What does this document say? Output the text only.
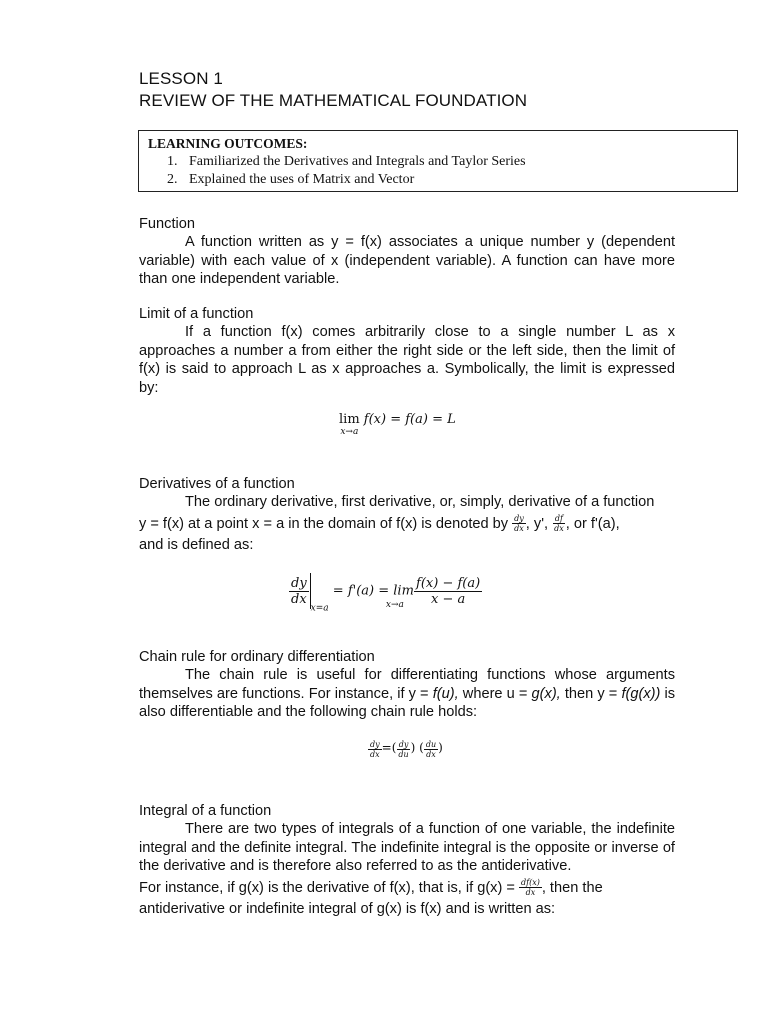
LESSON 1
REVIEW OF THE MATHEMATICAL FOUNDATION
LEARNING OUTCOMES:
1. Familiarized the Derivatives and Integrals and Taylor Series
2. Explained the uses of Matrix and Vector
Function
A function written as y = f(x) associates a unique number y (dependent variable) with each value of x (independent variable). A function can have more than one independent variable.
Limit of a function
If a function f(x) comes arbitrarily close to a single number L as x approaches a number a from either the right side or the left side, then the limit of f(x) is said to approach L as x approaches a. Symbolically, the limit is expressed by:
lim
x→a
f(x) = f(a) = L
Derivatives of a function
The ordinary derivative, first derivative, or, simply, derivative of a function
y = f(x) at a point x = a in the domain of f(x) is denoted by $\frac{dy}{dx}$ , y', $\frac{df}{dx}$ , or f'(a),
and is defined as:
$\frac{dy}{dx}$
$_{x=a} = f'(a) = \lim_{x\to a} \frac{f(x) - f(a)}{x - a}$
Chain rule for ordinary differentiation
The chain rule is useful for differentiating functions whose arguments themselves are functions. For instance, if y = f(u), where u = g(x), then y = f(g(x)) is also differentiable and the following chain rule holds:
$\frac{dy}{dx}$ =( $\frac{dy}{du}$ ) ( $\frac{du}{dx}$ )
Integral of a function
There are two types of integrals of a function of one variable, the indefinite integral and the definite integral. The indefinite integral is the opposite or inverse of the derivative and is therefore also referred to as the antiderivative.
For instance, if g(x) is the derivative of f(x), that is, if $g(x) = \frac{df(x)}{dx}$ , then the
antiderivative or indefinite integral of g(x) is f(x) and is written as:
